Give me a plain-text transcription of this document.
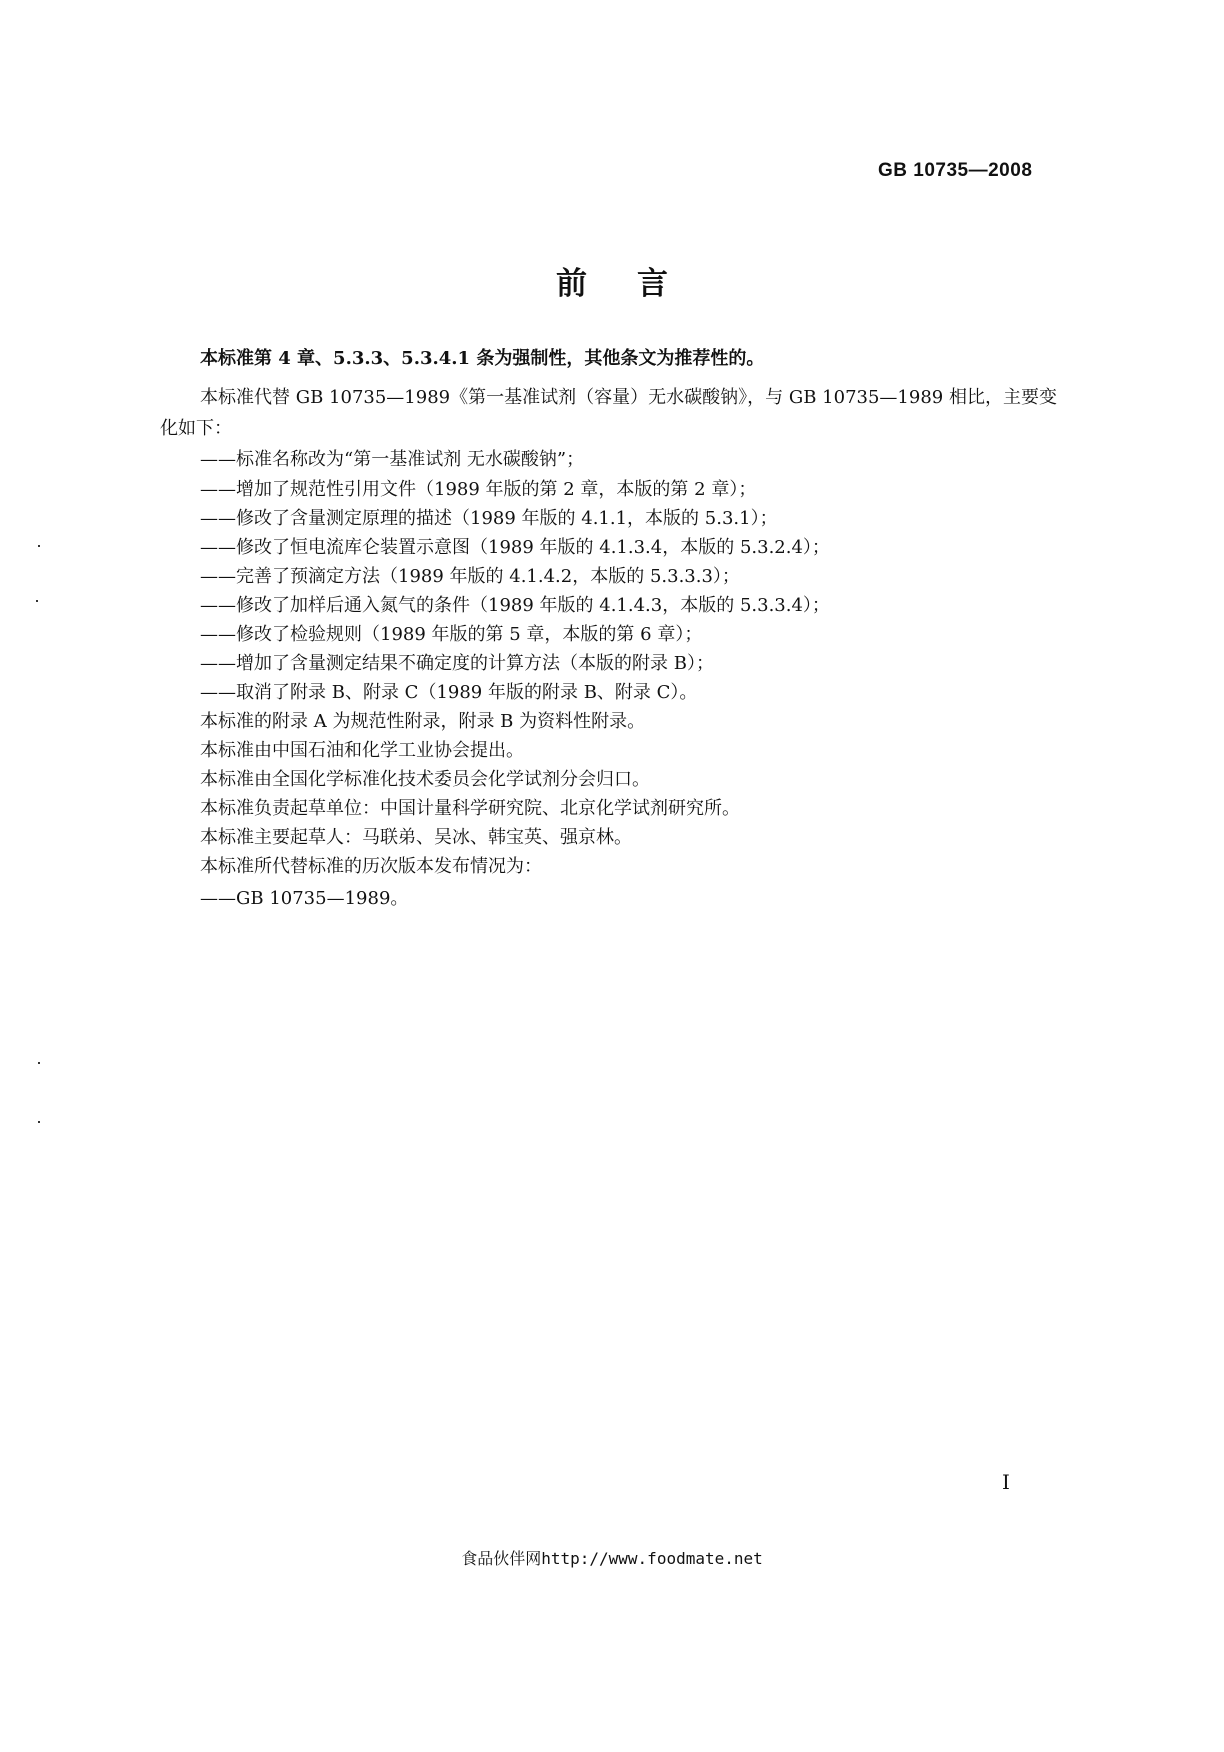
GB 10735—2008
前言
本标准第 4 章、5.3.3、5.3.4.1 条为强制性，其他条文为推荐性的。
本标准代替 GB 10735—1989《第一基准试剂（容量）无水碳酸钠》，与 GB 10735—1989 相比，主要变
化如下：
——标准名称改为“第一基准试剂 无水碳酸钠”；
——增加了规范性引用文件（1989 年版的第 2 章，本版的第 2 章）；
——修改了含量测定原理的描述（1989 年版的 4.1.1，本版的 5.3.1）；
——修改了恒电流库仑装置示意图（1989 年版的 4.1.3.4，本版的 5.3.2.4）；
——完善了预滴定方法（1989 年版的 4.1.4.2，本版的 5.3.3.3）；
——修改了加样后通入氮气的条件（1989 年版的 4.1.4.3，本版的 5.3.3.4）；
——修改了检验规则（1989 年版的第 5 章，本版的第 6 章）；
——增加了含量测定结果不确定度的计算方法（本版的附录 B）；
——取消了附录 B、附录 C（1989 年版的附录 B、附录 C）。
本标准的附录 A 为规范性附录，附录 B 为资料性附录。
本标准由中国石油和化学工业协会提出。
本标准由全国化学标准化技术委员会化学试剂分会归口。
本标准负责起草单位：中国计量科学研究院、北京化学试剂研究所。
本标准主要起草人：马联弟、吴冰、韩宝英、强京林。
本标准所代替标准的历次版本发布情况为：
——GB 10735—1989。
I
食品伙伴网http://www.foodmate.net
